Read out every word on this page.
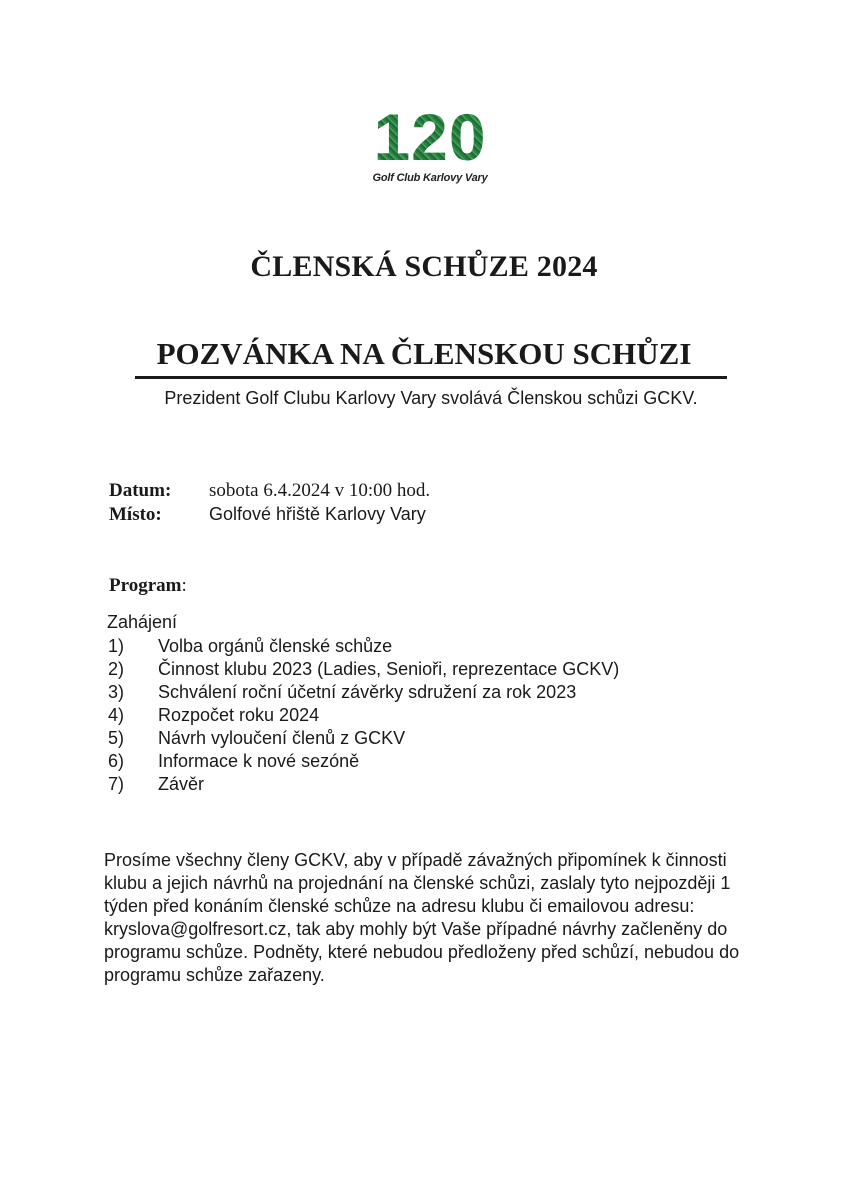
120
Golf Club Karlovy Vary
ČLENSKÁ SCHŮZE 2024
POZVÁNKA NA ČLENSKOU SCHŮZI
Prezident Golf Clubu Karlovy Vary svolává Členskou schůzi GCKV.
Datum: sobota 6.4.2024 v 10:00 hod.
Místo:	Golfové hřiště Karlovy Vary
Program:
Zahájení
1)	Volba orgánů členské schůze
2)	Činnost klubu 2023 (Ladies, Senioři, reprezentace GCKV)
3)	Schválení roční účetní závěrky sdružení za rok 2023
4)	Rozpočet roku 2024
5)	Návrh vyloučení členů z GCKV
6)	Informace k nové sezóně
7)	Závěr
Prosíme všechny členy GCKV, aby v případě závažných připomínek k činnosti
klubu a jejich návrhů na projednání na členské schůzi, zaslaly tyto nejpozději 1
týden před konáním členské schůze na adresu klubu či emailovou adresu:
kryslova@golfresort.cz, tak aby mohly být Vaše případné návrhy začleněny do
programu schůze. Podněty, které nebudou předloženy před schůzí, nebudou do
programu schůze zařazeny.
